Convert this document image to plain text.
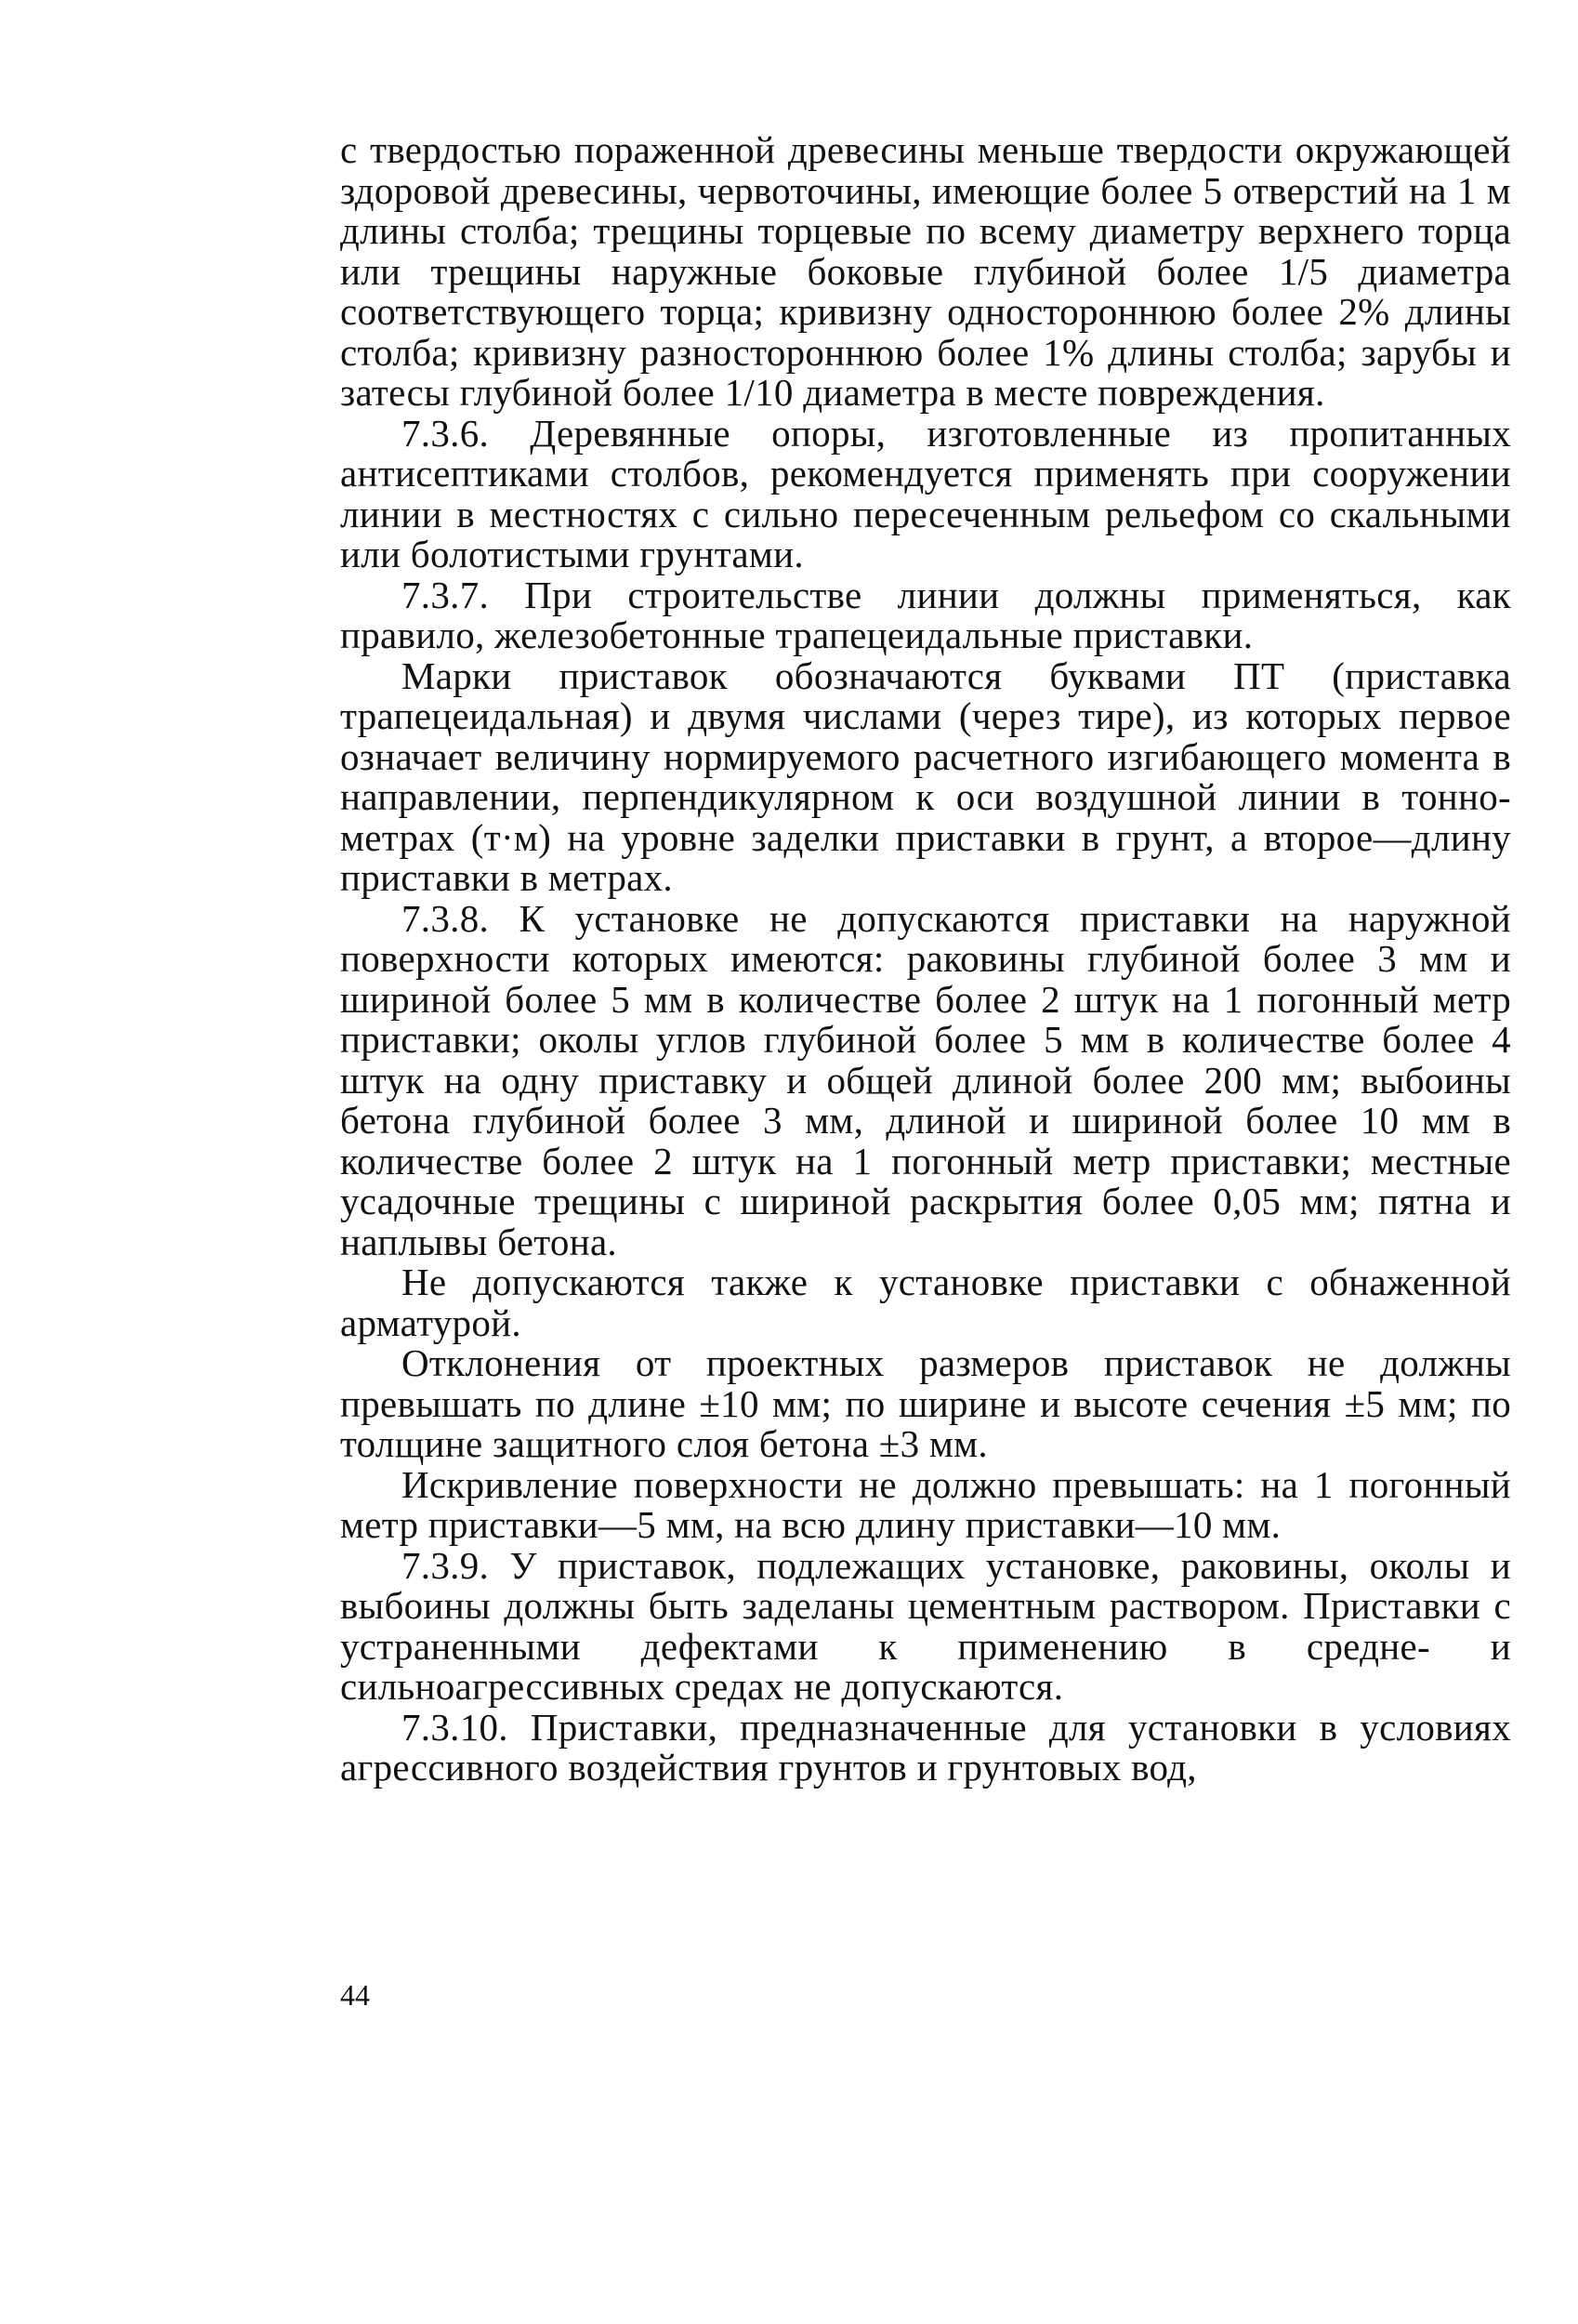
с твердостью пораженной древесины меньше твердости окружающей здоровой древесины, червоточины, имеющие более 5 отверстий на 1 м длины столба; трещины торцевые по всему диаметру верхнего торца или трещины наружные боковые глубиной более 1/5 диаметра соответствующего торца; кривизну одностороннюю более 2% длины столба; кривизну разностороннюю более 1% длины столба; зарубы и затесы глубиной более 1/10 диаметра в месте повреждения.

7.3.6. Деревянные опоры, изготовленные из пропитанных антисептиками столбов, рекомендуется применять при сооружении линии в местностях с сильно пересеченным рельефом со скальными или болотистыми грунтами.

7.3.7. При строительстве линии должны применяться, как правило, железобетонные трапецеидальные приставки.

Марки приставок обозначаются буквами ПТ (приставка трапецеидальная) и двумя числами (через тире), из которых первое означает величину нормируемого расчетного изгибающего момента в направлении, перпендикулярном к оси воздушной линии в тонно-метрах (т·м) на уровне заделки приставки в грунт, а второе—длину приставки в метрах.

7.3.8. К установке не допускаются приставки на наружной поверхности которых имеются: раковины глубиной более 3 мм и шириной более 5 мм в количестве более 2 штук на 1 погонный метр приставки; околы углов глубиной более 5 мм в количестве более 4 штук на одну приставку и общей длиной более 200 мм; выбоины бетона глубиной более 3 мм, длиной и шириной более 10 мм в количестве более 2 штук на 1 погонный метр приставки; местные усадочные трещины с шириной раскрытия более 0,05 мм; пятна и наплывы бетона.

Не допускаются также к установке приставки с обнаженной арматурой.

Отклонения от проектных размеров приставок не должны превышать по длине ±10 мм; по ширине и высоте сечения ±5 мм; по толщине защитного слоя бетона ±3 мм.

Искривление поверхности не должно превышать: на 1 погонный метр приставки—5 мм, на всю длину приставки—10 мм.

7.3.9. У приставок, подлежащих установке, раковины, околы и выбоины должны быть заделаны цементным раствором. Приставки с устраненными дефектами к применению в средне- и сильноагрессивных средах не допускаются.

7.3.10. Приставки, предназначенные для установки в условиях агрессивного воздействия грунтов и грунтовых вод,

44
